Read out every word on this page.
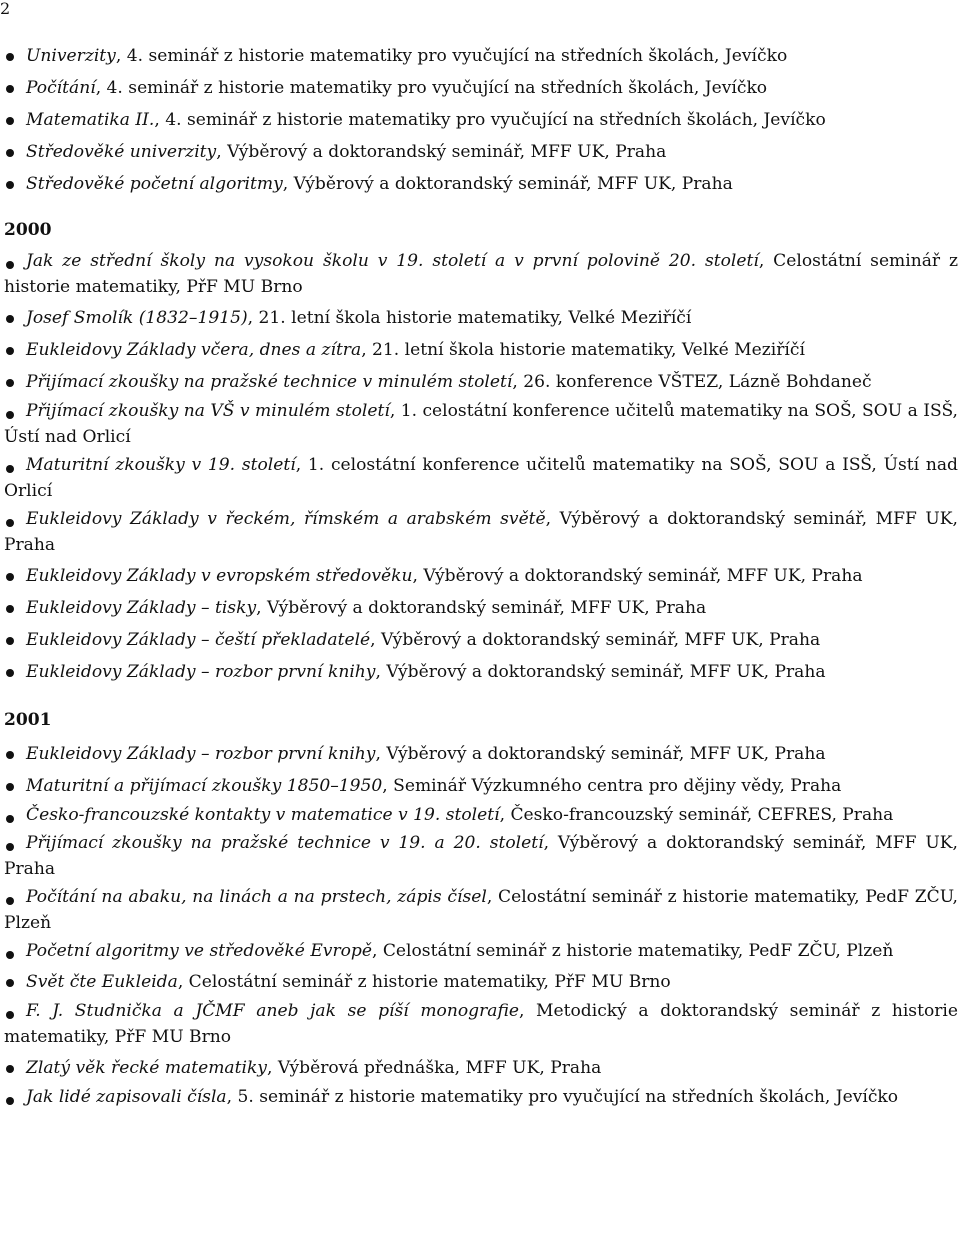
2
Univerzity, 4. seminář z historie matematiky pro vyučující na středních školách, Jevíčko
Počítání, 4. seminář z historie matematiky pro vyučující na středních školách, Jevíčko
Matematika II., 4. seminář z historie matematiky pro vyučující na středních školách, Jevíčko
Středověké univerzity, Výběrový a doktorandský seminář, MFF UK, Praha
Středověké početní algoritmy, Výběrový a doktorandský seminář, MFF UK, Praha
2000
Jak ze střední školy na vysokou školu v 19. století a v první polovině 20. století, Celostátní seminář z historie matematiky, PřF MU Brno
Josef Smolík (1832–1915), 21. letní škola historie matematiky, Velké Meziříčí
Eukleidovy Základy včera, dnes a zítra, 21. letní škola historie matematiky, Velké Meziříčí
Přijímací zkoušky na pražské technice v minulém století, 26. konference VŠTEZ, Lázně Bohdaneč
Přijímací zkoušky na VŠ v minulém století, 1. celostátní konference učitelů matematiky na SOŠ, SOU a ISŠ, Ústí nad Orlicí
Maturitní zkoušky v 19. století, 1. celostátní konference učitelů matematiky na SOŠ, SOU a ISŠ, Ústí nad Orlicí
Eukleidovy Základy v řeckém, římském a arabském světě, Výběrový a doktorandský seminář, MFF UK, Praha
Eukleidovy Základy v evropském středověku, Výběrový a doktorandský seminář, MFF UK, Praha
Eukleidovy Základy – tisky, Výběrový a doktorandský seminář, MFF UK, Praha
Eukleidovy Základy – čeští překladatelé, Výběrový a doktorandský seminář, MFF UK, Praha
Eukleidovy Základy – rozbor první knihy, Výběrový a doktorandský seminář, MFF UK, Praha
2001
Eukleidovy Základy – rozbor první knihy, Výběrový a doktorandský seminář, MFF UK, Praha
Maturitní a přijímací zkoušky 1850–1950, Seminář Výzkumného centra pro dějiny vědy, Praha
Česko-francouzské kontakty v matematice v 19. století, Česko-francouzský seminář, CEFRES, Praha
Přijímací zkoušky na pražské technice v 19. a 20. století, Výběrový a doktorandský seminář, MFF UK, Praha
Počítání na abaku, na linách a na prstech, zápis čísel, Celostátní seminář z historie matematiky, PedF ZČU, Plzeň
Početní algoritmy ve středověké Evropě, Celostátní seminář z historie matematiky, PedF ZČU, Plzeň
Svět čte Eukleida, Celostátní seminář z historie matematiky, PřF MU Brno
F. J. Studnička a JČMF aneb jak se píší monografie, Metodický a doktorandský seminář z historie matematiky, PřF MU Brno
Zlatý věk řecké matematiky, Výběrová přednáška, MFF UK, Praha
Jak lidé zapisovali čísla, 5. seminář z historie matematiky pro vyučující na středních školách, Jevíčko
